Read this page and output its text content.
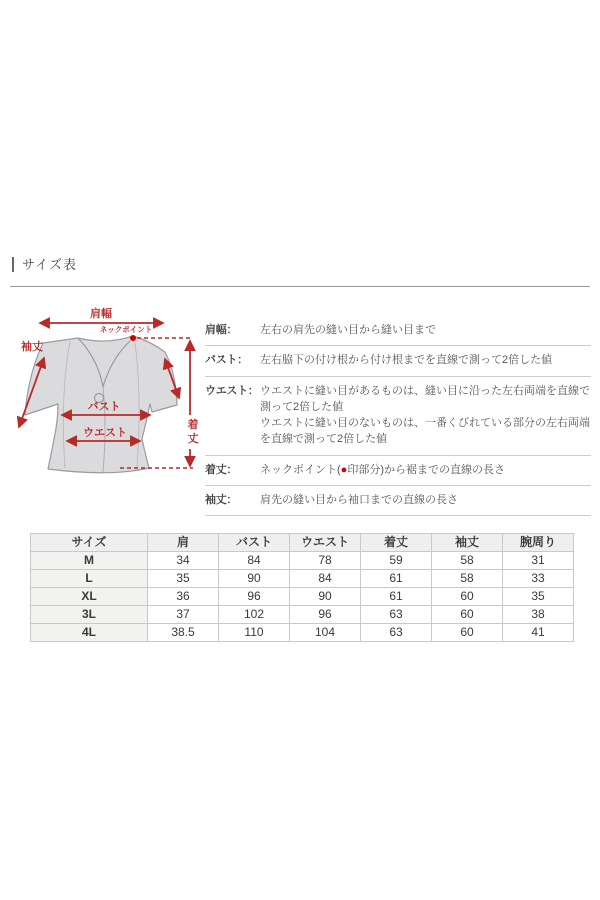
サイズ表
肩幅
ネックポイント
袖丈
バスト
ウエスト
着
丈
肩幅：	左右の肩先の縫い目から縫い目まで
バスト：	左右脇下の付け根から付け根までを直線で測って2倍した値
ウエスト： ウエストに縫い目があるものは、縫い目に沿った左右両端を直線で測って2倍した値
ウエストに縫い目のないものは、一番くびれている部分の左右両端を直線で測って2倍した値
着丈：	ネックポイント(●印部分)から裾までの直線の長さ
袖丈：	肩先の縫い目から袖口までの直線の長さ
サイズ	肩	バスト	ウエスト	着丈	袖丈	腕周り
M	34	84	78	59	58	31
L	35	90	84	61	58	33
XL	36	96	90	61	60	35
3L	37	102	96	63	60	38
4L	38.5	110	104	63	60	41
